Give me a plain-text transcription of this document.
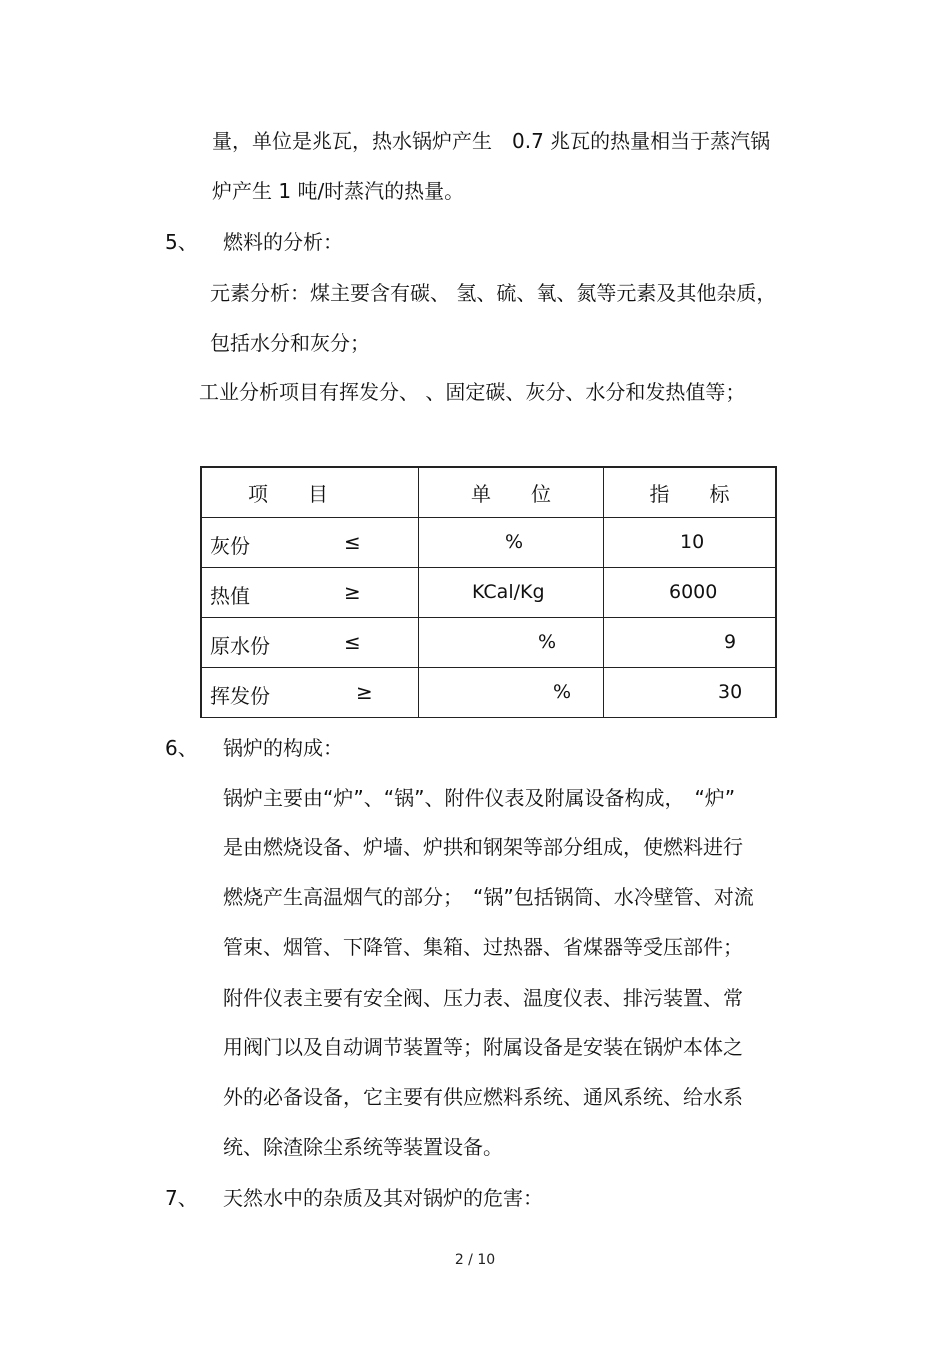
量，单位是兆瓦，热水锅炉产生　0.7 兆瓦的热量相当于蒸汽锅
炉产生 1 吨/时蒸汽的热量。
5、 燃料的分析：
元素分析：煤主要含有碳、 氢、硫、氧、氮等元素及其他杂质，
包括水分和灰分；
工业分析项目有挥发分、 、固定碳、灰分、水分和发热值等；
项　　目	单　　位	指　　标

灰份 ≤	%	10

热值 ≥	KCal/Kg	6000

原水份 ≤	%	9

挥发份 ≥	%	30
6、 锅炉的构成：
锅炉主要由“炉”、“锅”、附件仪表及附属设备构成，　“炉”
是由燃烧设备、炉墙、炉拱和钢架等部分组成，使燃料进行
燃烧产生高温烟气的部分；　“锅”包括锅筒、水冷壁管、对流
管束、烟管、下降管、集箱、过热器、省煤器等受压部件；
附件仪表主要有安全阀、压力表、温度仪表、排污装置、常
用阀门以及自动调节装置等；附属设备是安装在锅炉本体之
外的必备设备，它主要有供应燃料系统、通风系统、给水系
统、除渣除尘系统等装置设备。
7、 天然水中的杂质及其对锅炉的危害：
2 / 10
